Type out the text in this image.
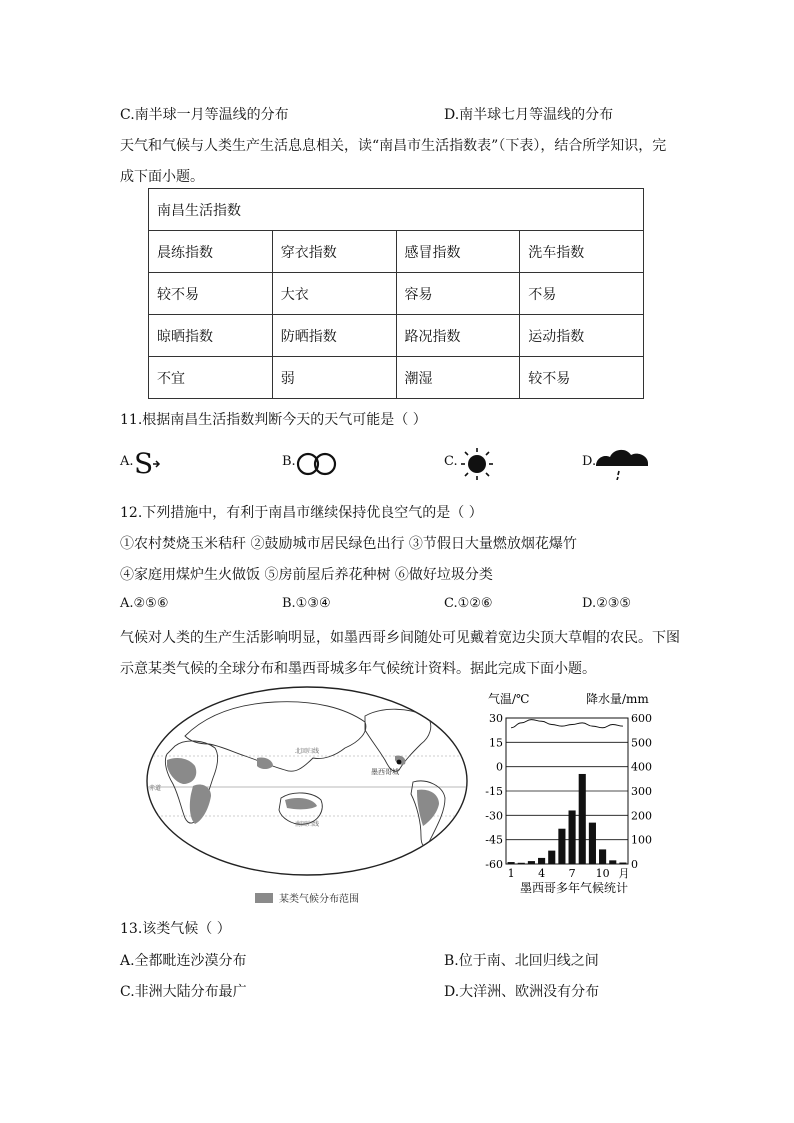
C.南半球一月等温线的分布	D.南半球七月等温线的分布
天气和气候与人类生产生活息息相关，读“南昌市生活指数表”（下表），结合所学知识，完
成下面小题。
南昌生活指数			
晨练指数	穿衣指数	感冒指数	洗车指数
较不易	大衣	容易	不易
晾晒指数	防晒指数	路况指数	运动指数
不宜	弱	潮湿	较不易
11.根据南昌生活指数判断今天的天气可能是（ ）
A. S	B.	C.	D.
12.下列措施中，有利于南昌市继续保持优良空气的是（ ）
①农村焚烧玉米秸秆 ②鼓励城市居民绿色出行 ③节假日大量燃放烟花爆竹
④家庭用煤炉生火做饭 ⑤房前屋后养花种树 ⑥做好垃圾分类
A.②⑤⑥	B.①③④	C.①②⑥	D.②③⑤
气候对人类的生产生活影响明显，如墨西哥乡间随处可见戴着宽边尖顶大草帽的农民。下图
示意某类气候的全球分布和墨西哥城多年气候统计资料。据此完成下面小题。
墨西哥城
北回归线
赤道
南回归线
某类气候分布范围
气温/℃	降水量/mm
30
15
0
-15
-30
-45
-60
600
500
400
300
200
100
0
1 4 7 10 月
墨西哥多年气候统计
13.该类气候（ ）
A.全都毗连沙漠分布	B.位于南、北回归线之间
C.非洲大陆分布最广	D.大洋洲、欧洲没有分布
